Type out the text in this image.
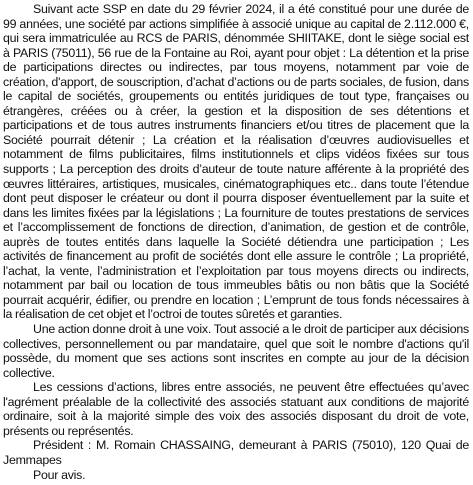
Suivant acte SSP en date du 29 février 2024, il a été constitué pour une durée de 99 années, une société par actions simplifiée à associé unique au capital de 2.112.000 €, qui sera immatriculée au RCS de PARIS, dénommée SHIITAKE, dont le siège social est à PARIS (75011), 56 rue de la Fontaine au Roi, ayant pour objet : La détention et la prise de participations directes ou indirectes, par tous moyens, notamment par voie de création, d'apport, de souscription, d’achat d’actions ou de parts sociales, de fusion, dans le capital de sociétés, groupements ou entités juridiques de tout type, françaises ou étrangères, créées ou à créer, la gestion et la disposition de ses détentions et participations et de tous autres instruments financiers et/ou titres de placement que la Société pourrait détenir ; La création et la réalisation d’œuvres audiovisuelles et notamment de films publicitaires, films institutionnels et clips vidéos fixées sur tous supports ; La perception des droits d’auteur de toute nature afférente à la propriété des œuvres littéraires, artistiques, musicales, cinématographiques etc.. dans toute l’étendue dont peut disposer le créateur ou dont il pourra disposer éventuellement par la suite et dans les limites fixées par la législations ; La fourniture de toutes prestations de services et l’accomplissement de fonctions de direction, d’animation, de gestion et de contrôle, auprès de toutes entités dans laquelle la Société détiendra une participation ; Les activités de financement au profit de sociétés dont elle assure le contrôle ; La propriété, l’achat, la vente, l’administration et l’exploitation par tous moyens directs ou indirects, notamment par bail ou location de tous immeubles bâtis ou non bâtis que la Société pourrait acquérir, édifier, ou prendre en location ; L’emprunt de tous fonds nécessaires à la réalisation de cet objet et l’octroi de toutes sûretés et garanties.

Une action donne droit à une voix. Tout associé a le droit de participer aux décisions collectives, personnellement ou par mandataire, quel que soit le nombre d'actions qu'il possède, du moment que ses actions sont inscrites en compte au jour de la décision collective.

Les cessions d’actions, libres entre associés, ne peuvent être effectuées qu’avec l'agrément préalable de la collectivité des associés statuant aux conditions de majorité ordinaire, soit à la majorité simple des voix des associés disposant du droit de vote, présents ou représentés.

Président : M. Romain CHASSAING, demeurant à PARIS (75010), 120 Quai de Jemmapes

Pour avis.
